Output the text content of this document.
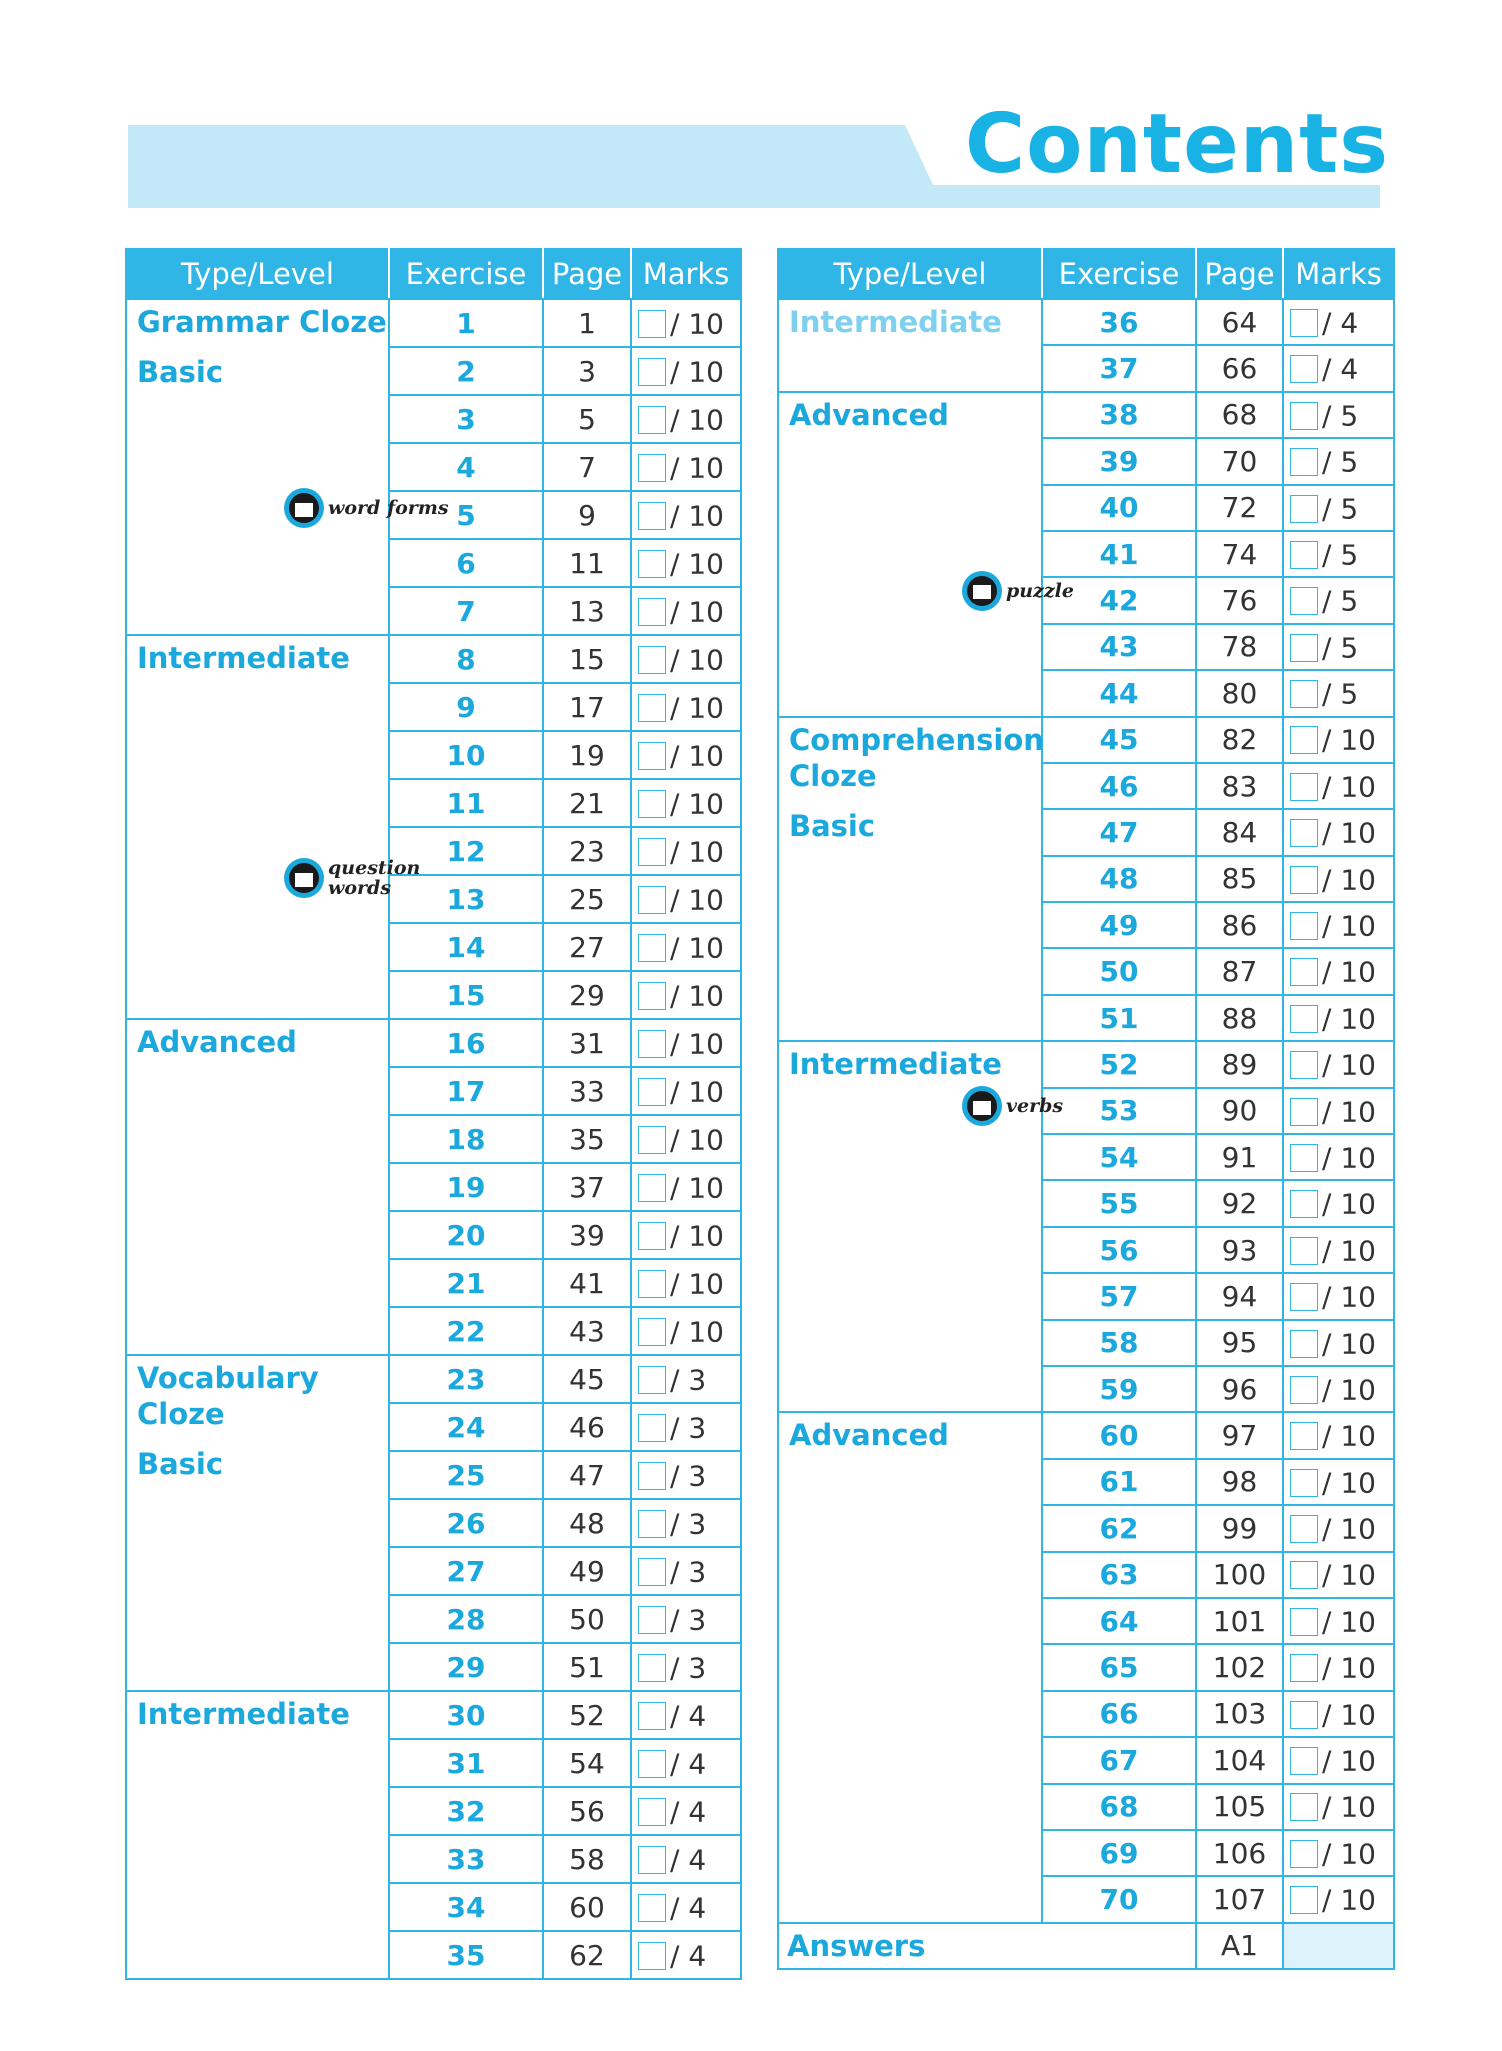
Contents
Type/Level	Exercise	Page	Marks

Grammar Cloze
Basic
word forms	1	1	/ 10
	2	3	/ 10
	3	5	/ 10
	4	7	/ 10
	5	9	/ 10
	6	11	/ 10
	7	13	/ 10

Intermediate
question words	8	15	/ 10
	9	17	/ 10
	10	19	/ 10
	11	21	/ 10
	12	23	/ 10
	13	25	/ 10
	14	27	/ 10
	15	29	/ 10

Advanced	16	31	/ 10
	17	33	/ 10
	18	35	/ 10
	19	37	/ 10
	20	39	/ 10
	21	41	/ 10
	22	43	/ 10

Vocabulary Cloze
Basic	23	45	/ 3
	24	46	/ 3
	25	47	/ 3
	26	48	/ 3
	27	49	/ 3
	28	50	/ 3
	29	51	/ 3

Intermediate	30	52	/ 4
	31	54	/ 4
	32	56	/ 4
	33	58	/ 4
	34	60	/ 4
	35	62	/ 4
Type/Level	Exercise	Page	Marks

Intermediate	36	64	/ 4
	37	66	/ 4

Advanced
puzzle	38	68	/ 5
	39	70	/ 5
	40	72	/ 5
	41	74	/ 5
	42	76	/ 5
	43	78	/ 5
	44	80	/ 5

Comprehension Cloze
Basic	45	82	/ 10
	46	83	/ 10
	47	84	/ 10
	48	85	/ 10
	49	86	/ 10
	50	87	/ 10
	51	88	/ 10

Intermediate
verbs	52	89	/ 10
	53	90	/ 10
	54	91	/ 10
	55	92	/ 10
	56	93	/ 10
	57	94	/ 10
	58	95	/ 10
	59	96	/ 10

Advanced	60	97	/ 10
	61	98	/ 10
	62	99	/ 10
	63	100	/ 10
	64	101	/ 10
	65	102	/ 10
	66	103	/ 10
	67	104	/ 10
	68	105	/ 10
	69	106	/ 10
	70	107	/ 10
Answers		A1	
